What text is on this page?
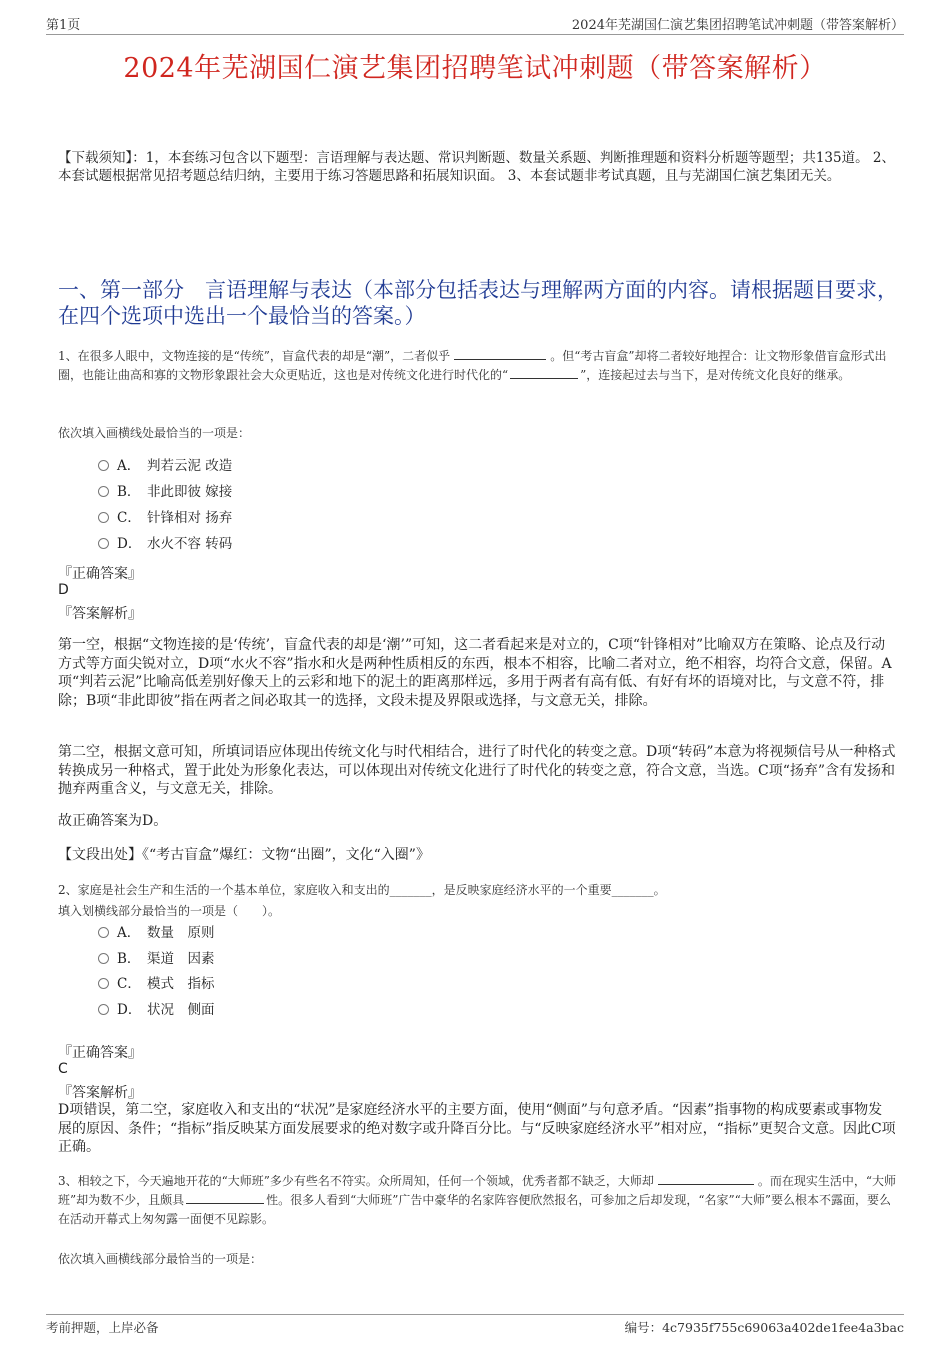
第1页	2024年芜湖国仁演艺集团招聘笔试冲刺题（带答案解析）
2024年芜湖国仁演艺集团招聘笔试冲刺题（带答案解析）
【下载须知】：1，本套练习包含以下题型：言语理解与表达题、常识判断题、数量关系题、判断推理题和资料分析题等题型；共135道。 2、本套试题根据常见招考题总结归纳，主要用于练习答题思路和拓展知识面。 3、本套试题非考试真题，且与芜湖国仁演艺集团无关。
一、第一部分　言语理解与表达（本部分包括表达与理解两方面的内容。请根据题目要求，在四个选项中选出一个最恰当的答案。）
1、在很多人眼中，文物连接的是“传统”，盲盒代表的却是“潮”，二者似乎	。但“考古盲盒”却将二者较好地捏合：让文物形象借盲盒形式出圈，也能让曲高和寡的文物形象跟社会大众更贴近，这也是对传统文化进行时代化的“	”，连接起过去与当下，是对传统文化良好的继承。
依次填入画横线处最恰当的一项是：
A． 判若云泥 改造
B． 非此即彼 嫁接
C． 针锋相对 扬弃
D． 水火不容 转码
『正确答案』
D
『答案解析』
第一空，根据“文物连接的是‘传统’，盲盒代表的却是‘潮’”可知，这二者看起来是对立的，C项“针锋相对”比喻双方在策略、论点及行动方式等方面尖锐对立，D项“水火不容”指水和火是两种性质相反的东西，根本不相容，比喻二者对立，绝不相容，均符合文意，保留。A项“判若云泥”比喻高低差别好像天上的云彩和地下的泥土的距离那样远，多用于两者有高有低、有好有坏的语境对比，与文意不符，排除；B项“非此即彼”指在两者之间必取其一的选择，文段未提及界限或选择，与文意无关，排除。
第二空，根据文意可知，所填词语应体现出传统文化与时代相结合，进行了时代化的转变之意。D项“转码”本意为将视频信号从一种格式转换成另一种格式，置于此处为形象化表达，可以体现出对传统文化进行了时代化的转变之意，符合文意，当选。C项“扬弃”含有发扬和抛弃两重含义，与文意无关，排除。
故正确答案为D。
【文段出处】《“考古盲盒”爆红：文物“出圈”，文化“入圈”》
2、家庭是社会生产和生活的一个基本单位，家庭收入和支出的_______，是反映家庭经济水平的一个重要_______。
填入划横线部分最恰当的一项是（　　）。
A． 数量　原则
B． 渠道　因素
C． 模式　指标
D． 状况　侧面
『正确答案』
C
『答案解析』
D项错误，第二空，家庭收入和支出的“状况”是家庭经济水平的主要方面，使用“侧面”与句意矛盾。“因素”指事物的构成要素或事物发展的原因、条件；“指标”指反映某方面发展要求的绝对数字或升降百分比。与“反映家庭经济水平”相对应，“指标”更契合文意。因此C项正确。
3、相较之下，今天遍地开花的“大师班”多少有些名不符实。众所周知，任何一个领域，优秀者都不缺乏，大师却	。而在现实生活中，“大师班”却为数不少，且颇具	性。很多人看到“大师班”广告中豪华的名家阵容便欣然报名，可参加之后却发现，“名家”“大师”要么根本不露面，要么在活动开幕式上匆匆露一面便不见踪影。
依次填入画横线部分最恰当的一项是：
考前押题，上岸必备	编号：4c7935f755c69063a402de1fee4a3bac
